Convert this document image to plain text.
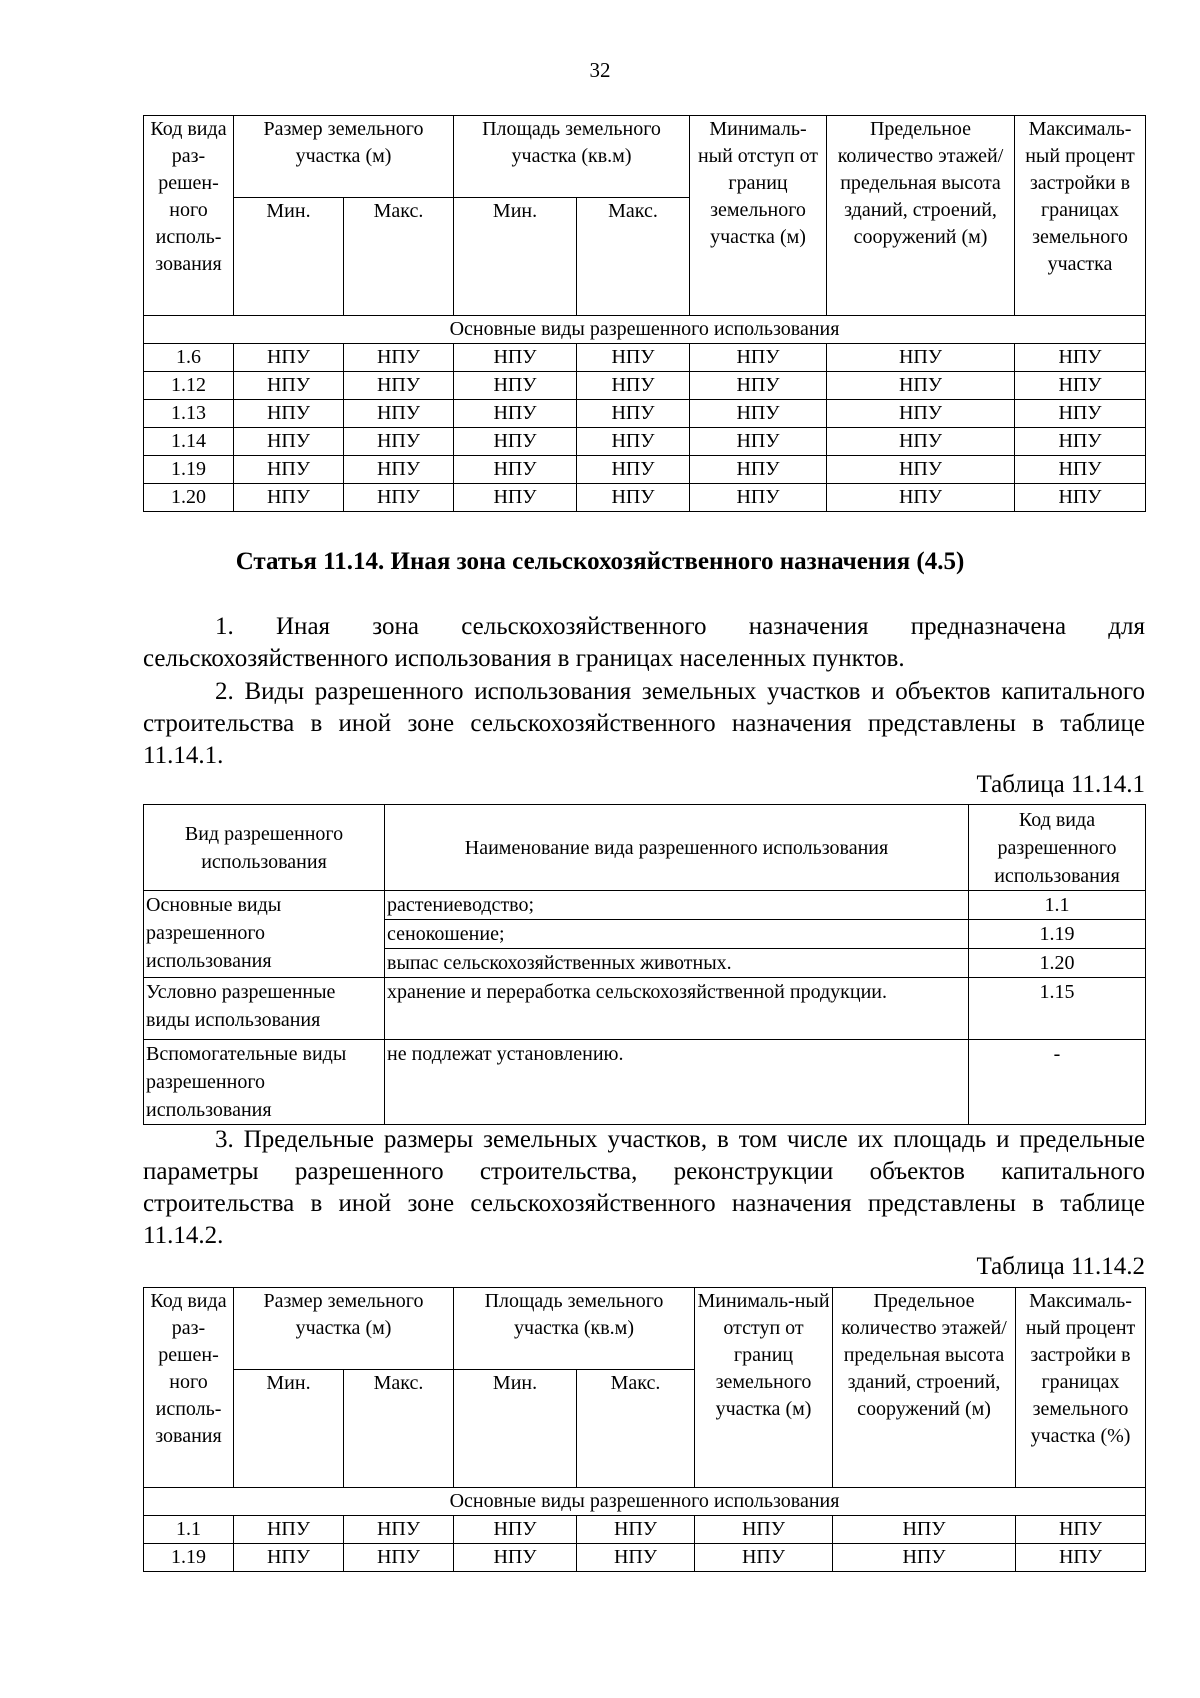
32
Код вида раз-решен-ного исполь-зования	Размер земельного участка (м)		Площадь земельного участка (кв.м)		Минималь-ный отступ от границ земельного участка (м)	Предельное количество этажей/ предельная высота зданий, строений, сооружений (м)	Максималь-ный процент застройки в границах земельного участка
	Мин.	Макс.	Мин.	Макс.			
Основные виды разрешенного использования							
1.6	НПУ	НПУ	НПУ	НПУ	НПУ	НПУ	НПУ
1.12	НПУ	НПУ	НПУ	НПУ	НПУ	НПУ	НПУ
1.13	НПУ	НПУ	НПУ	НПУ	НПУ	НПУ	НПУ
1.14	НПУ	НПУ	НПУ	НПУ	НПУ	НПУ	НПУ
1.19	НПУ	НПУ	НПУ	НПУ	НПУ	НПУ	НПУ
1.20	НПУ	НПУ	НПУ	НПУ	НПУ	НПУ	НПУ
Статья 11.14. Иная зона сельскохозяйственного назначения (4.5)
1. Иная зона сельскохозяйственного назначения предназначена для сельскохозяйственного использования в границах населенных пунктов.
2. Виды разрешенного использования земельных участков и объектов капитального строительства в иной зоне сельскохозяйственного назначения представлены в таблице 11.14.1.
Таблица 11.14.1
Вид разрешенного использования	Наименование вида разрешенного использования	Код вида разрешенного использования
Основные виды разрешенного использования	растениеводство;	1.1
	сенокошение;	1.19
	выпас сельскохозяйственных животных.	1.20
Условно разрешенные виды использования	хранение и переработка сельскохозяйственной продукции.	1.15
Вспомогательные виды разрешенного использования	не подлежат установлению.	-
3. Предельные размеры земельных участков, в том числе их площадь и предельные параметры разрешенного строительства, реконструкции объектов капитального строительства в иной зоне сельскохозяйственного назначения представлены в таблице 11.14.2.
Таблица 11.14.2
Код вида раз-решен-ного исполь-зования	Размер земельного участка (м)		Площадь земельного участка (кв.м)		Минималь-ный отступ от границ земельного участка (м)	Предельное количество этажей/ предельная высота зданий, строений, сооружений (м)	Максималь-ный процент застройки в границах земельного участка (%)
	Мин.	Макс.	Мин.	Макс.			
Основные виды разрешенного использования							
1.1	НПУ	НПУ	НПУ	НПУ	НПУ	НПУ	НПУ
1.19	НПУ	НПУ	НПУ	НПУ	НПУ	НПУ	НПУ
